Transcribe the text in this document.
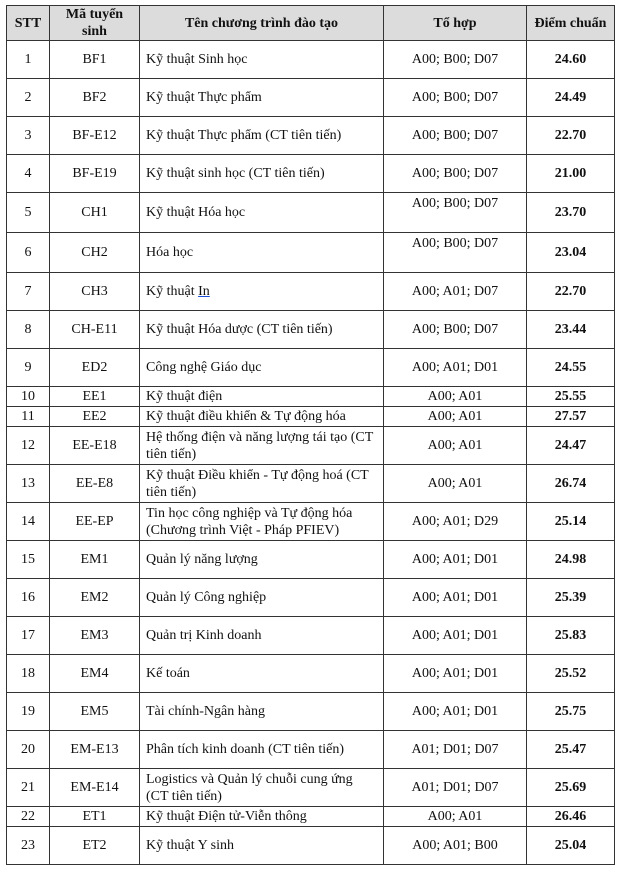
STT	Mã tuyển sinh	Tên chương trình đào tạo	Tổ hợp	Điểm chuẩn
1	BF1	Kỹ thuật Sinh học	A00; B00; D07	24.60
2	BF2	Kỹ thuật Thực phẩm	A00; B00; D07	24.49
3	BF-E12	Kỹ thuật Thực phẩm (CT tiên tiến)	A00; B00; D07	22.70
4	BF-E19	Kỹ thuật sinh học (CT tiên tiến)	A00; B00; D07	21.00
5	CH1	Kỹ thuật Hóa học	A00; B00; D07	23.70
6	CH2	Hóa học	A00; B00; D07	23.04
7	CH3	Kỹ thuật In	A00; A01; D07	22.70
8	CH-E11	Kỹ thuật Hóa dược (CT tiên tiến)	A00; B00; D07	23.44
9	ED2	Công nghệ Giáo dục	A00; A01; D01	24.55
10	EE1	Kỹ thuật điện	A00; A01	25.55
11	EE2	Kỹ thuật điều khiển & Tự động hóa	A00; A01	27.57
12	EE-E18	Hệ thống điện và năng lượng tái tạo (CT tiên tiến)	A00; A01	24.47
13	EE-E8	Kỹ thuật Điều khiển - Tự động hoá (CT tiên tiến)	A00; A01	26.74
14	EE-EP	Tin học công nghiệp và Tự động hóa (Chương trình Việt - Pháp PFIEV)	A00; A01; D29	25.14
15	EM1	Quản lý năng lượng	A00; A01; D01	24.98
16	EM2	Quản lý Công nghiệp	A00; A01; D01	25.39
17	EM3	Quản trị Kinh doanh	A00; A01; D01	25.83
18	EM4	Kế toán	A00; A01; D01	25.52
19	EM5	Tài chính-Ngân hàng	A00; A01; D01	25.75
20	EM-E13	Phân tích kinh doanh (CT tiên tiến)	A01; D01; D07	25.47
21	EM-E14	Logistics và Quản lý chuỗi cung ứng (CT tiên tiến)	A01; D01; D07	25.69
22	ET1	Kỹ thuật Điện tử-Viễn thông	A00; A01	26.46
23	ET2	Kỹ thuật Y sinh	A00; A01; B00	25.04
